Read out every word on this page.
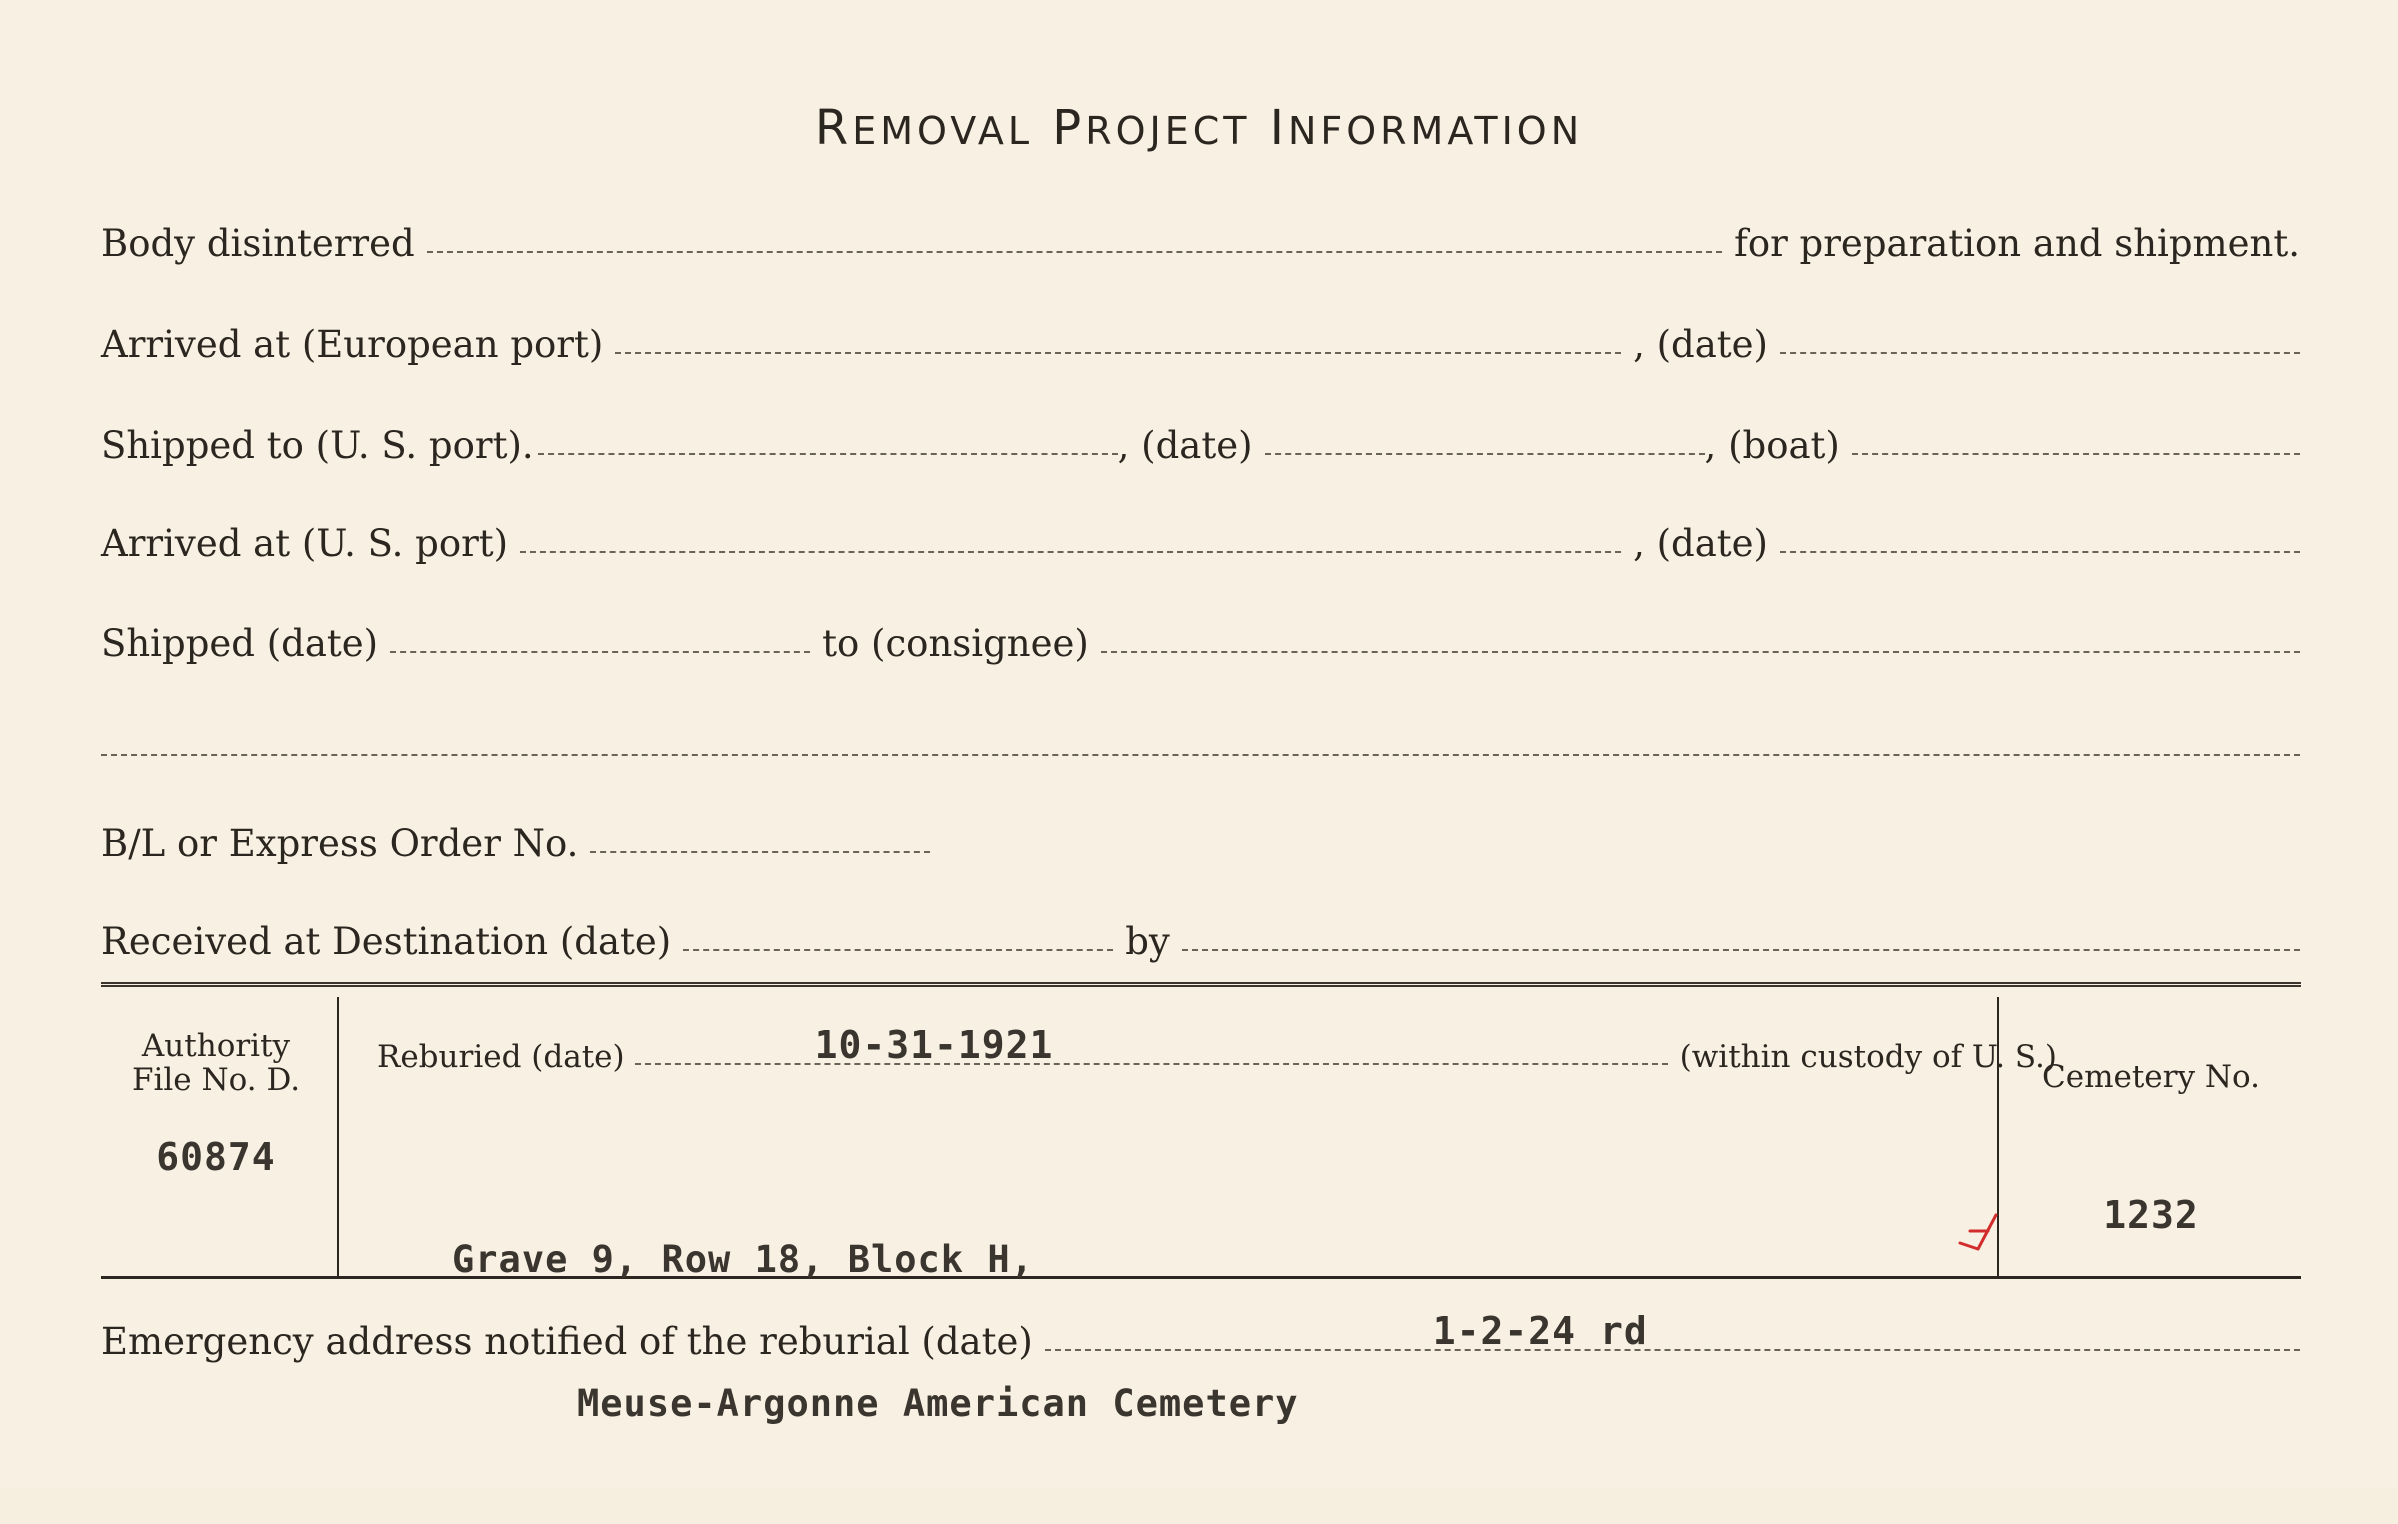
REMOVAL PROJECT INFORMATION
Body disinterred	for preparation and shipment.
Arrived at (European port)	, (date)
Shipped to (U. S. port).	, (date)	, (boat)
Arrived at (U. S. port)	, (date)
Shipped (date)	to (consignee)
B/L or Express Order No.
Received at Destination (date)	by
Authority
File No. D.
60874
Reburied (date)	10-31-1921	(within custody of U. S.)

Grave 9, Row 18, Block H,

Meuse-Argonne American Cemetery

Cemetery No.
1232
Emergency address notified of the reburial (date)	1-2-24 rd
